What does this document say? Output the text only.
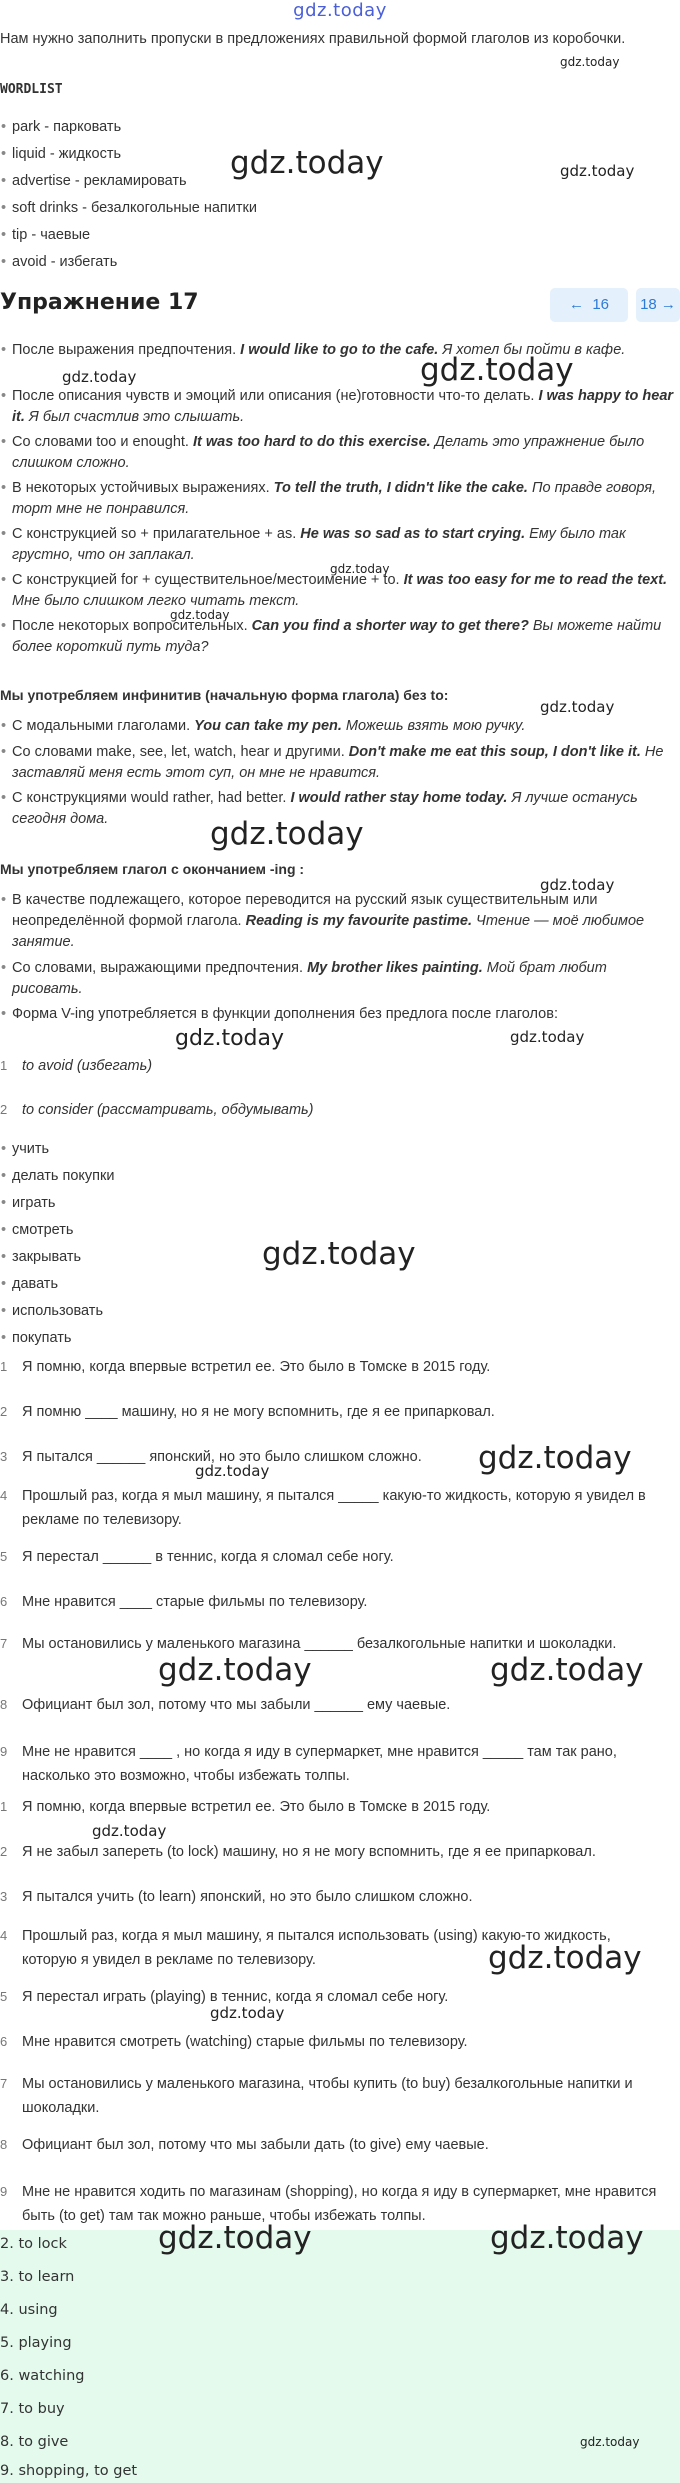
gdz.today
Нам нужно заполнить пропуски в предложениях правильной формой глаголов из коробочки.
WORDLIST
• park - парковать
• liquid - жидкость
• advertise - рекламировать
• soft drinks - безалкогольные напитки
• tip - чаевые
• avoid - избегать
Упражнение 17	← 16	18 →
• После выражения предпочтения. I would like to go to the cafe. Я хотел бы пойти в кафе.
• После описания чувств и эмоций или описания (не)готовности что-то делать. I was happy to hear it. Я был счастлив это слышать.
• Со словами too и enought. It was too hard to do this exercise. Делать это упражнение было слишком сложно.
• В некоторых устойчивых выражениях. To tell the truth, I didn't like the cake. По правде говоря, торт мне не понравился.
• С конструкцией so + прилагательное + as. He was so sad as to start crying. Ему было так грустно, что он заплакал.
• С конструкцией for + существительное/местоимение + to. It was too easy for me to read the text. Мне было слишком легко читать текст.
• После некоторых вопросительных. Can you find a shorter way to get there? Вы можете найти более короткий путь туда?
Мы употребляем инфинитив (начальную форма глагола) без to:
• С модальными глаголами. You can take my pen. Можешь взять мою ручку.
• Со словами make, see, let, watch, hear и другими. Don't make me eat this soup, I don't like it. Не заставляй меня есть этот суп, он мне не нравится.
• С конструкциями would rather, had better. I would rather stay home today. Я лучше останусь сегодня дома.
Мы употребляем глагол с окончанием -ing :
• В качестве подлежащего, которое переводится на русский язык существительным или неопределённой формой глагола. Reading is my favourite pastime. Чтение — моё любимое занятие.
• Со словами, выражающими предпочтения. My brother likes painting. Мой брат любит рисовать.
• Форма V-ing употребляется в функции дополнения без предлога после глаголов:
1	to avoid (избегать)
2	to consider (рассматривать, обдумывать)
• учить
• делать покупки
• играть
• смотреть
• закрывать
• давать
• использовать
• покупать
1	Я помню, когда впервые встретил ее. Это было в Томске в 2015 году.
2	Я помню ____ машину, но я не могу вспомнить, где я ее припарковал.
3	Я пытался ______ японский, но это было слишком сложно.
4	Прошлый раз, когда я мыл машину, я пытался _____ какую-то жидкость, которую я увидел в рекламе по телевизору.
5	Я перестал ______ в теннис, когда я сломал себе ногу.
6	Мне нравится ____ старые фильмы по телевизору.
7	Мы остановились у маленького магазина ______ безалкогольные напитки и шоколадки.
8	Официант был зол, потому что мы забыли ______ ему чаевые.
9	Мне не нравится ____ , но когда я иду в супермаркет, мне нравится _____ там так рано, насколько это возможно, чтобы избежать толпы.
1	Я помню, когда впервые встретил ее. Это было в Томске в 2015 году.
2	Я не забыл запереть (to lock) машину, но я не могу вспомнить, где я ее припарковал.
3	Я пытался учить (to learn) японский, но это было слишком сложно.
4	Прошлый раз, когда я мыл машину, я пытался использовать (using) какую-то жидкость, которую я увидел в рекламе по телевизору.
5	Я перестал играть (playing) в теннис, когда я сломал себе ногу.
6	Мне нравится смотреть (watching) старые фильмы по телевизору.
7	Мы остановились у маленького магазина, чтобы купить (to buy) безалкогольные напитки и шоколадки.
8	Официант был зол, потому что мы забыли дать (to give) ему чаевые.
9	Мне не нравится ходить по магазинам (shopping), но когда я иду в супермаркет, мне нравится быть (to get) там так можно раньше, чтобы избежать толпы.
2. to lock
3. to learn
4. using
5. playing
6. watching
7. to buy
8. to give
9. shopping, to get
gdz.today
gdz.today	gdz.today
gdz.today	gdz.today
gdz.today
gdz.today
gdz.today
gdz.today
gdz.today
gdz.today	gdz.today
gdz.today
gdz.today
gdz.today
gdz.today	gdz.today
gdz.today
gdz.today
gdz.today
gdz.today	gdz.today
gdz.today
